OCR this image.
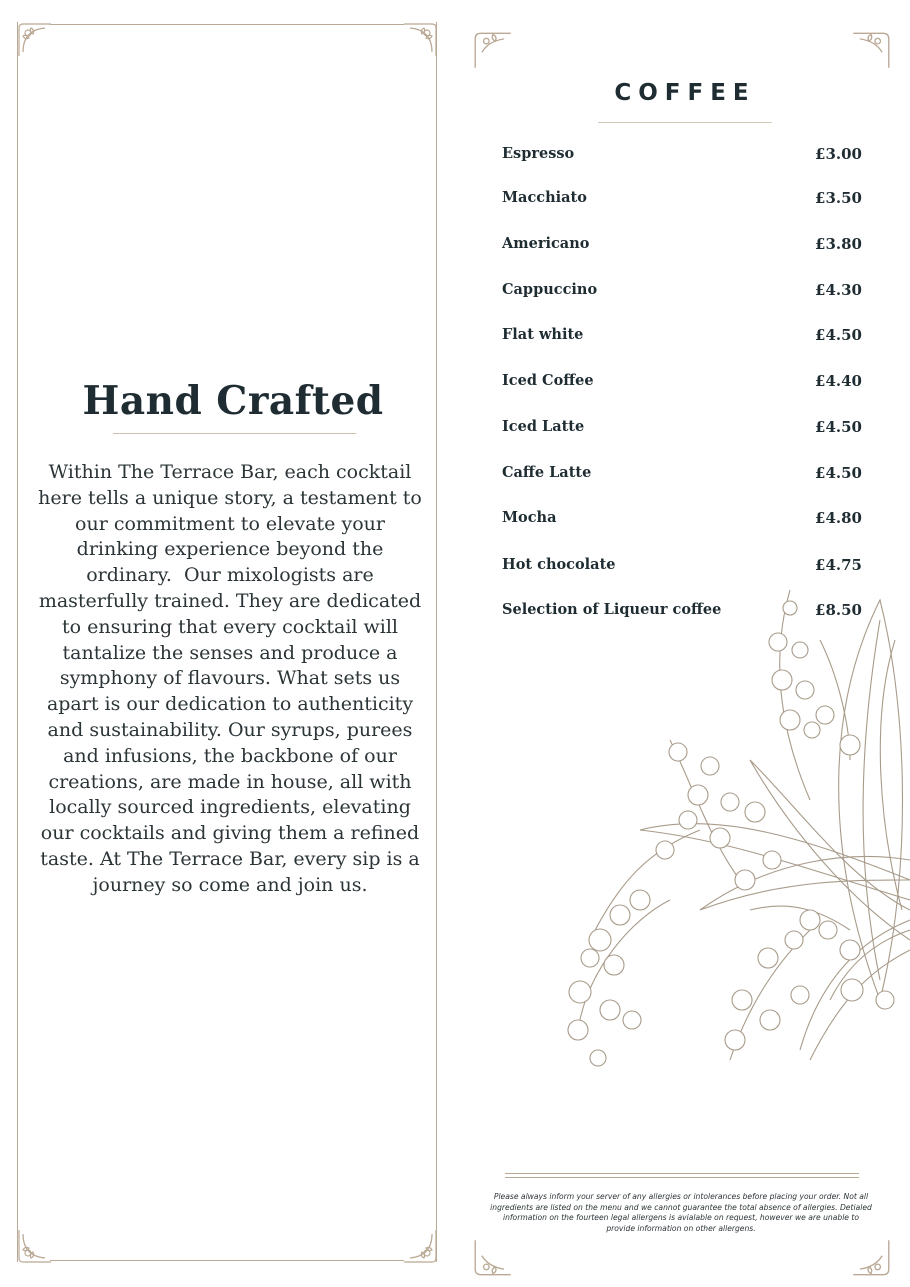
Hand Crafted
Within The Terrace Bar, each cocktail here tells a unique story, a testament to our commitment to elevate your drinking experience beyond the ordinary.  Our mixologists are masterfully trained. They are dedicated to ensuring that every cocktail will tantalize the senses and produce a symphony of flavours. What sets us apart is our dedication to authenticity and sustainability. Our syrups, purees and infusions, the backbone of our creations, are made in house, all with locally sourced ingredients, elevating our cocktails and giving them a refined taste. At The Terrace Bar, every sip is a journey so come and join us.
COFFEE
Espresso	£3.00
Macchiato	£3.50
Americano	£3.80
Cappuccino	£4.30
Flat white	£4.50
Iced Coffee	£4.40
Iced Latte	£4.50
Caffe Latte	£4.50
Mocha	£4.80
Hot chocolate	£4.75
Selection of Liqueur coffee	£8.50
Please always inform your server of any allergies or intolerances before placing your order. Not all ingredients are listed on the menu and we cannot guarantee the total absence of allergies. Detialed information on the fourteen legal allergens is avialable on request, however we are unable to provide information on other allergens.
